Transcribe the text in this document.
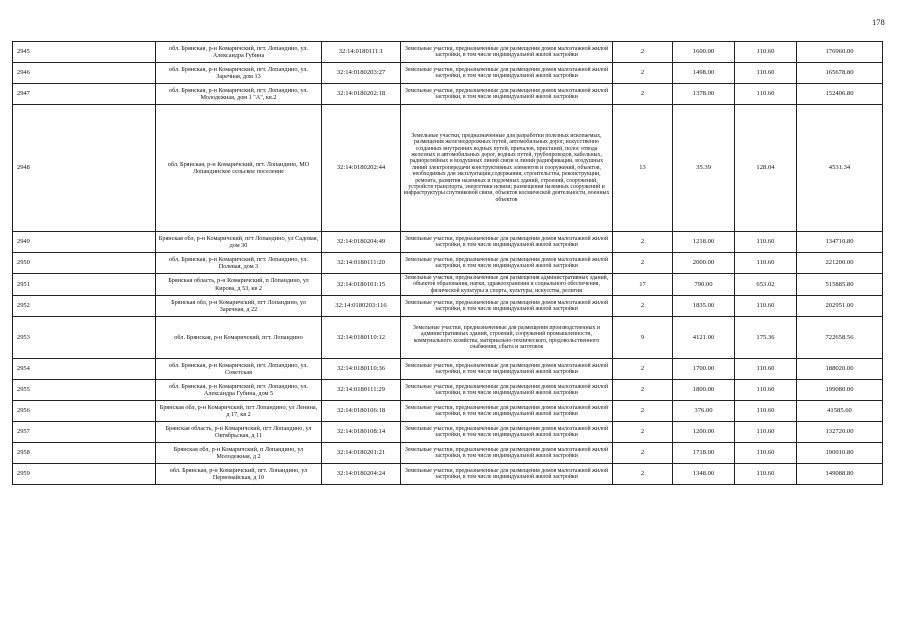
178
2945	обл. Брянская, р-н Комаричский, пгт. Лопандино, ул. Александра Губина	32:14:0180111:1	Земельные участки, предназначенные для размещения домов малоэтажной жилой застройки, в том числе индивидуальной жилой застройки	2	1600.00	110.60	176960.00
2946	обл. Брянская, р-н Комаричский, пгт. Лопандино, ул. Заречная, дом 13	32:14:0180203:27	Земельные участки, предназначенные для размещения домов малоэтажной жилой застройки, в том числе индивидуальной жилой застройки	2	1498.00	110.60	165678.80
2947	обл. Брянская, р-н Комаричский, пгт. Лопандино, ул. Молодежная, дом 1 "А", кв.2	32:14:0180202:18	Земельные участки, предназначенные для размещения домов малоэтажной жилой застройки, в том числе индивидуальной жилой застройки	2	1378.00	110.60	152406.80
2948	обл. Брянская, р-н Комаричский, пгт. Лопандино, МО Лопандинское сельское поселение	32:14:0180202:44	Земельные участки, предназначенные для разработки полезных ископаемых, размещения железнодорожных путей, автомобильных дорог, искусственно созданных внутренних водных путей, причалов, пристаней, полос отвода железных и автомобильных дорог, водных путей, трубопроводов, кабельных, радиорелейных и воздушных линий связи и линий радиофикации, воздушных линий электропередачи конструктивных элементов и сооружений, объектов, необходимых для эксплуатации,содержания, строительства, реконструкции, ремонта, развития наземных и подземных зданий, строений, сооружений, устройств транспорта, энергетики исвязи; размещения наземных сооружений и инфраструктуры спутниковой связи, объектов космической деятельности, военных объектов	13	35.39	128.04	4531.34
2949	Брянская обл, р-н Комаричский, пгт Лопандино, ул Садовая, дом 30	32:14:0180204:49	Земельные участки, предназначенные для размещения домов малоэтажной жилой застройки, в том числе индивидуальной жилой застройки	2	1218.00	110.60	134710.80
2950	обл. Брянская, р-н Комаричский, пгт. Лопандино, ул. Полевая, дом 3	32:14:0180111:20	Земельные участки, предназначенные для размещения домов малоэтажной жилой застройки, в том числе индивидуальной жилой застройки	2	2000.00	110.60	221200.00
2951	Брянская область, р-н Комаричский, п Лопандино, ул Кирова, д 53, кв 2	32:14:0180101:15	Земельные участки, предназначенные для размещения административных зданий, объектов образования, науки, здравоохранения и социального обеспечения, физической культуры и спорта, культуры, искусства, религии	17	790.00	653.02	515885.80
2952	Брянская обл, р-н Комаричский, пгт Лопандино, ул Заречная, д 22	32:14:0180203:116	Земельные участки, предназначенные для размещения домов малоэтажной жилой застройки, в том числе индивидуальной жилой застройки	2	1835.00	110.60	202951.00
2953	обл. Брянская, р-н Комаричский, пгт. Лопандино	32:14:0180110:12	Земельные участки, предназначенные для размещения производственных и административных зданий, строений, сооружений промышленности, коммунального хозяйства, материально-технического, продовольственного снабжения, сбыта и заготовок	9	4121.00	175.36	722658.56
2954	обл. Брянская, р-н Комаричский, пгт. Лопандино, ул. Советская	32:14:0180110:36	Земельные участки, предназначенные для размещения домов малоэтажной жилой застройки, в том числе индивидуальной жилой застройки	2	1700.00	110.60	188020.00
2955	обл. Брянская, р-н Комаричский, пгт. Лопандино, ул. Александра Губина, дом 5	32:14:0180111:29	Земельные участки, предназначенные для размещения домов малоэтажной жилой застройки, в том числе индивидуальной жилой застройки	2	1800.00	110.60	199080.00
2956	Брянская обл, р-н Комаричский, пгт Лопандино, ул Ленина, д 17, кв 2	32:14:0180106:18	Земельные участки, предназначенные для размещения домов малоэтажной жилой застройки, в том числе индивидуальной жилой застройки	2	376.00	110.60	41585.60
2957	Брянская область, р-н Комаричский, пгт Лопандино, ул Октябрьская, д 11	32:14:0180108:14	Земельные участки, предназначенные для размещения домов малоэтажной жилой застройки, в том числе индивидуальной жилой застройки	2	1200.00	110.60	132720.00
2958	Брянская обл, р-н Комаричский, п Лопандино, ул Молодежная, д 2	32:14:0180201:21	Земельные участки, предназначенные для размещения домов малоэтажной жилой застройки, в том числе индивидуальной жилой застройки	2	1718.00	110.60	190010.80
2959	обл. Брянская, р-н Комаричский, пгт. Лопандино, ул Первомайская, д 10	32:14:0180204:24	Земельные участки, предназначенные для размещения домов малоэтажной жилой застройки, в том числе индивидуальной жилой застройки	2	1348.00	110.60	149088.80
